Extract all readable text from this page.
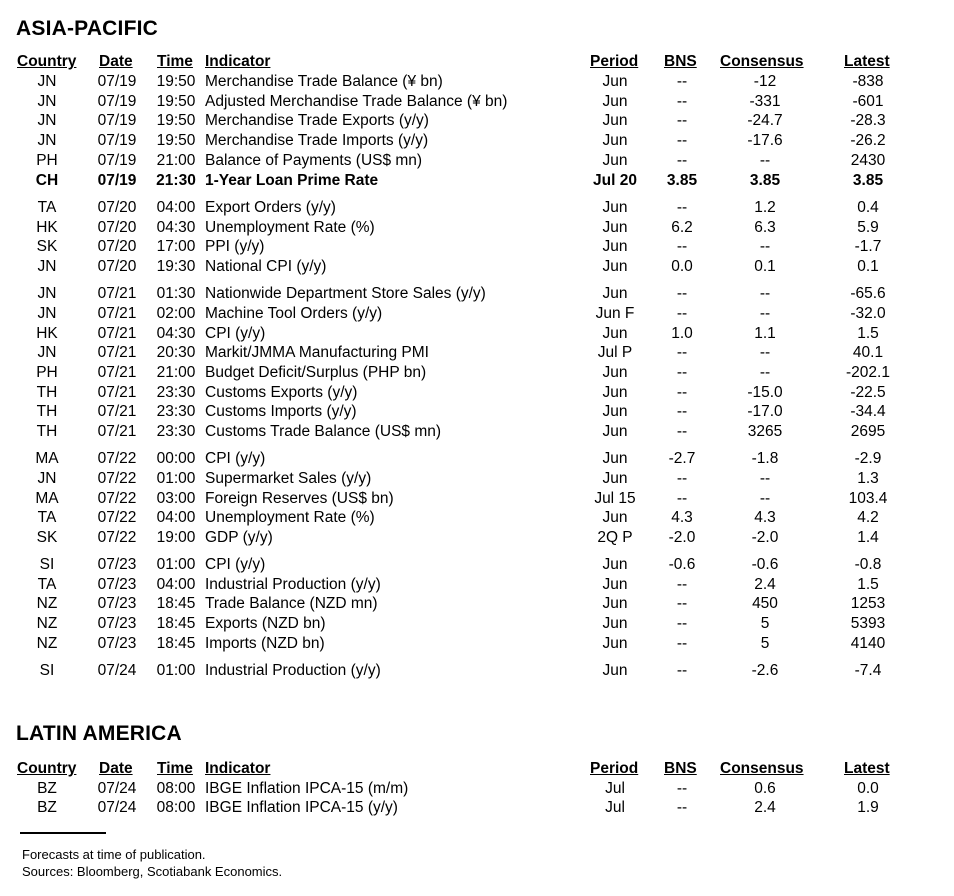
ASIA-PACIFIC
Country Date Time Indicator	Period BNS Consensus	Latest
JN	07/19 19:50 Merchandise Trade Balance (¥ bn)	Jun	--	-12	-838
JN	07/19 19:50 Adjusted Merchandise Trade Balance (¥ bn)	Jun	--	-331	-601
JN	07/19 19:50 Merchandise Trade Exports (y/y)	Jun	--	-24.7	-28.3
JN	07/19 19:50 Merchandise Trade Imports (y/y)	Jun	--	-17.6	-26.2
PH	07/19 21:00 Balance of Payments (US$ mn)	Jun	--	--	2430
CH	07/19 21:30 1-Year Loan Prime Rate	Jul 20	3.85	3.85	3.85
TA	07/20 04:00 Export Orders (y/y)	Jun	--	1.2	0.4
HK	07/20 04:30 Unemployment Rate (%)	Jun	6.2	6.3	5.9
SK	07/20 17:00 PPI (y/y)	Jun	--	--	-1.7
JN	07/20 19:30 National CPI (y/y)	Jun	0.0	0.1	0.1
JN	07/21 01:30 Nationwide Department Store Sales (y/y)	Jun	--	--	-65.6
JN	07/21 02:00 Machine Tool Orders (y/y)	Jun F	--	--	-32.0
HK	07/21 04:30 CPI (y/y)	Jun	1.0	1.1	1.5
JN	07/21 20:30 Markit/JMMA Manufacturing PMI	Jul P	--	--	40.1
PH	07/21 21:00 Budget Deficit/Surplus (PHP bn)	Jun	--	--	-202.1
TH	07/21 23:30 Customs Exports (y/y)	Jun	--	-15.0	-22.5
TH	07/21 23:30 Customs Imports (y/y)	Jun	--	-17.0	-34.4
TH	07/21 23:30 Customs Trade Balance (US$ mn)	Jun	--	3265	2695
MA	07/22 00:00 CPI (y/y)	Jun	-2.7	-1.8	-2.9
JN	07/22 01:00 Supermarket Sales (y/y)	Jun	--	--	1.3
MA	07/22 03:00 Foreign Reserves (US$ bn)	Jul 15	--	--	103.4
TA	07/22 04:00 Unemployment Rate (%)	Jun	4.3	4.3	4.2
SK	07/22 19:00 GDP (y/y)	2Q P	-2.0	-2.0	1.4
SI	07/23 01:00 CPI (y/y)	Jun	-0.6	-0.6	-0.8
TA	07/23 04:00 Industrial Production (y/y)	Jun	--	2.4	1.5
NZ	07/23 18:45 Trade Balance (NZD mn)	Jun	--	450	1253
NZ	07/23 18:45 Exports (NZD bn)	Jun	--	5	5393
NZ	07/23 18:45 Imports (NZD bn)	Jun	--	5	4140
SI	07/24 01:00 Industrial Production (y/y)	Jun	--	-2.6	-7.4
LATIN AMERICA
Country Date Time Indicator	Period BNS Consensus	Latest
BZ	07/24 08:00 IBGE Inflation IPCA-15 (m/m)	Jul	--	0.6	0.0
BZ	07/24 08:00 IBGE Inflation IPCA-15 (y/y)	Jul	--	2.4	1.9
Forecasts at time of publication.
Sources: Bloomberg, Scotiabank Economics.
